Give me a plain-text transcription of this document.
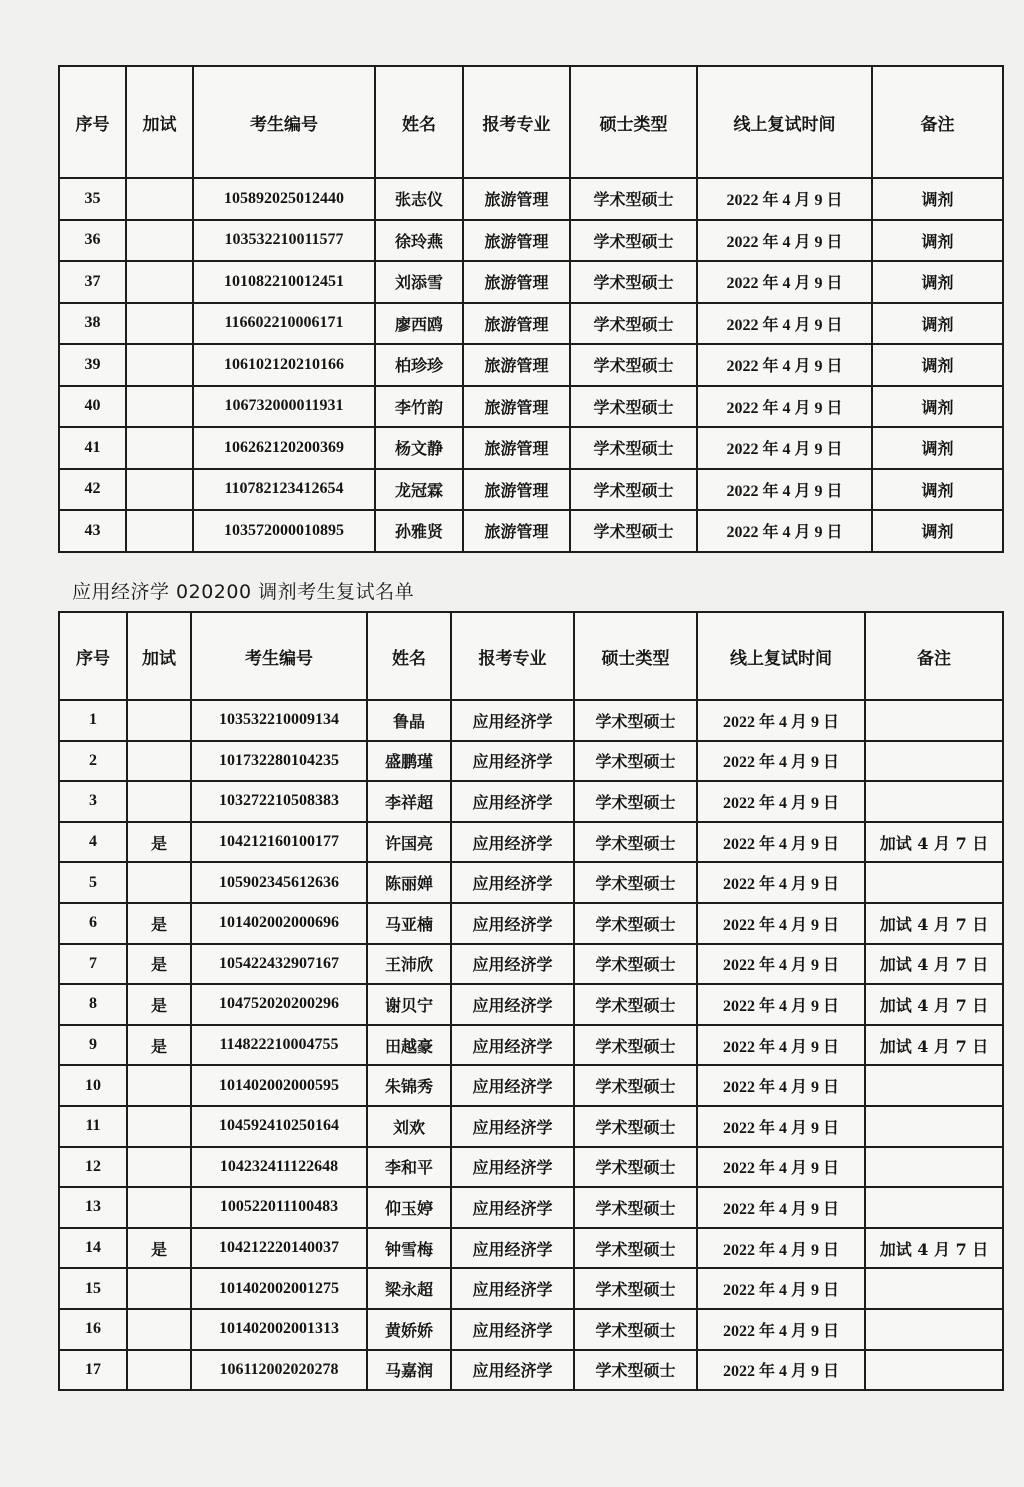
序号	加试	考生编号	姓名	报考专业	硕士类型	线上复试时间	备注
35		105892025012440	张志仪	旅游管理	学术型硕士	2022 年 4 月 9 日	调剂
36		103532210011577	徐玲燕	旅游管理	学术型硕士	2022 年 4 月 9 日	调剂
37		101082210012451	刘添雪	旅游管理	学术型硕士	2022 年 4 月 9 日	调剂
38		116602210006171	廖西鸥	旅游管理	学术型硕士	2022 年 4 月 9 日	调剂
39		106102120210166	柏珍珍	旅游管理	学术型硕士	2022 年 4 月 9 日	调剂
40		106732000011931	李竹韵	旅游管理	学术型硕士	2022 年 4 月 9 日	调剂
41		106262120200369	杨文静	旅游管理	学术型硕士	2022 年 4 月 9 日	调剂
42		110782123412654	龙冠霖	旅游管理	学术型硕士	2022 年 4 月 9 日	调剂
43		103572000010895	孙雅贤	旅游管理	学术型硕士	2022 年 4 月 9 日	调剂
应用经济学 020200 调剂考生复试名单
序号	加试	考生编号	姓名	报考专业	硕士类型	线上复试时间	备注
1		103532210009134	鲁晶	应用经济学	学术型硕士	2022 年 4 月 9 日	
2		101732280104235	盛鹏瑾	应用经济学	学术型硕士	2022 年 4 月 9 日	
3		103272210508383	李祥超	应用经济学	学术型硕士	2022 年 4 月 9 日	
4	是	104212160100177	许国亮	应用经济学	学术型硕士	2022 年 4 月 9 日	加试 4 月 7 日
5		105902345612636	陈丽婵	应用经济学	学术型硕士	2022 年 4 月 9 日	
6	是	101402002000696	马亚楠	应用经济学	学术型硕士	2022 年 4 月 9 日	加试 4 月 7 日
7	是	105422432907167	王沛欣	应用经济学	学术型硕士	2022 年 4 月 9 日	加试 4 月 7 日
8	是	104752020200296	谢贝宁	应用经济学	学术型硕士	2022 年 4 月 9 日	加试 4 月 7 日
9	是	114822210004755	田越豪	应用经济学	学术型硕士	2022 年 4 月 9 日	加试 4 月 7 日
10		101402002000595	朱锦秀	应用经济学	学术型硕士	2022 年 4 月 9 日	
11		104592410250164	刘欢	应用经济学	学术型硕士	2022 年 4 月 9 日	
12		104232411122648	李和平	应用经济学	学术型硕士	2022 年 4 月 9 日	
13		100522011100483	仰玉婷	应用经济学	学术型硕士	2022 年 4 月 9 日	
14	是	104212220140037	钟雪梅	应用经济学	学术型硕士	2022 年 4 月 9 日	加试 4 月 7 日
15		101402002001275	梁永超	应用经济学	学术型硕士	2022 年 4 月 9 日	
16		101402002001313	黄娇娇	应用经济学	学术型硕士	2022 年 4 月 9 日	
17		106112002020278	马嘉润	应用经济学	学术型硕士	2022 年 4 月 9 日	
